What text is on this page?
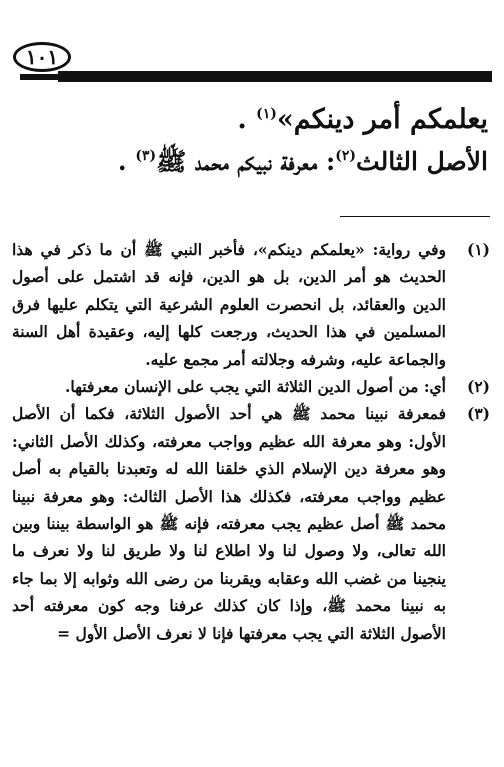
١٠١

يعلمكم أمر دينكم»$^{(١)}$ .

الأصل الثالث$^{(٢)}$: معرفة نبيكم محمد ﷺ$^{(٣)}$ .

(١)
وفي رواية: «يعلمكم دينكم»، فأخبر النبي ﷺ أن ما ذكر في هذا الحديث هو أمر الدين، بل هو الدين، فإنه قد اشتمل على أصول الدين والعقائد، بل انحصرت العلوم الشرعية التي يتكلم عليها فرق المسلمين في هذا الحديث، ورجعت كلها إليه، وعقيدة أهل السنة والجماعة عليه، وشرفه وجلالته أمر مجمع عليه.
(٢)
أي: من أصول الدين الثلاثة التي يجب على الإنسان معرفتها.
(٣)
فمعرفة نبينا محمد ﷺ هي أحد الأصول الثلاثة، فكما أن الأصل الأول: وهو معرفة الله عظيم وواجب معرفته، وكذلك الأصل الثاني: وهو معرفة دين الإسلام الذي خلقنا الله له وتعبدنا بالقيام به أصل عظيم وواجب معرفته، فكذلك هذا الأصل الثالث: وهو معرفة نبينا محمد ﷺ أصل عظيم يجب معرفته، فإنه ﷺ هو الواسطة بيننا وبين الله تعالى، ولا وصول لنا ولا اطلاع لنا ولا طريق لنا ولا نعرف ما ينجينا من غضب الله وعقابه ويقربنا من رضى الله وثوابه إلا بما جاء به نبينا محمد ﷺ، وإذا كان كذلك عرفنا وجه كون معرفته أحد الأصول الثلاثة التي يجب معرفتها فإنا لا نعرف الأصل الأول =
